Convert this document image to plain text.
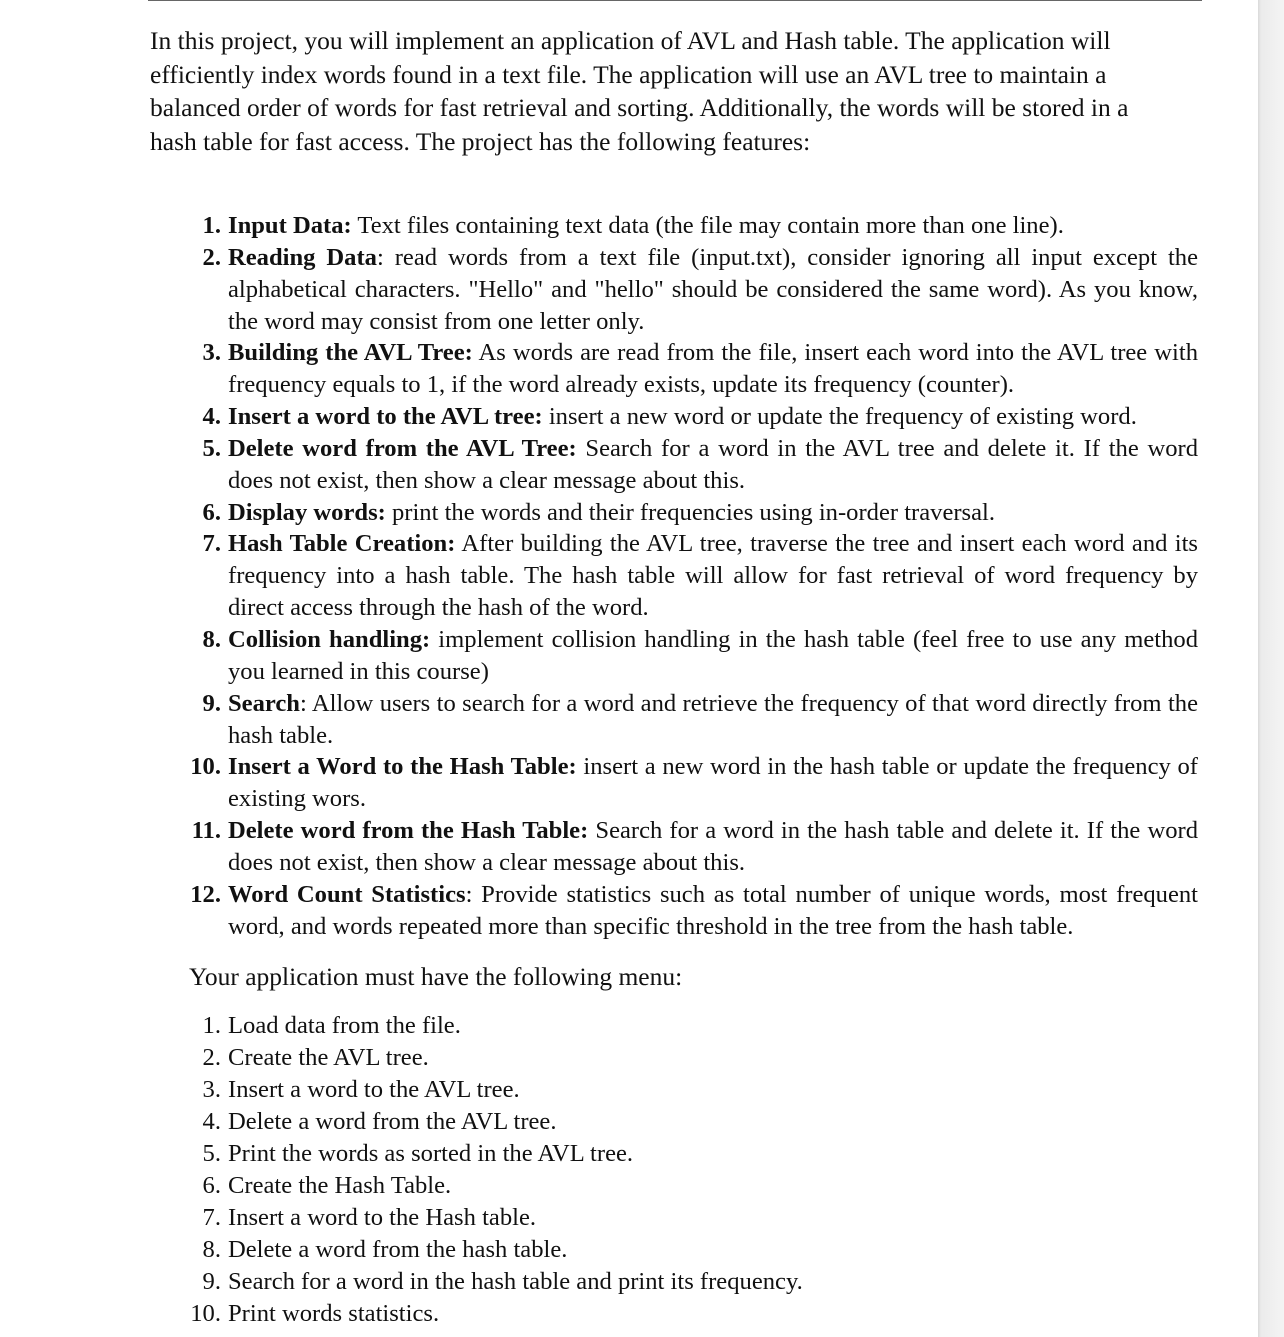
In this project, you will implement an application of AVL and Hash table. The application will efficiently index words found in a text file. The application will use an AVL tree to maintain a balanced order of words for fast retrieval and sorting. Additionally, the words will be stored in a hash table for fast access. The project has the following features:

1. Input Data: Text files containing text data (the file may contain more than one line).
2. Reading Data: read words from a text file (input.txt), consider ignoring all input except the alphabetical characters. "Hello" and "hello" should be considered the same word). As you know, the word may consist from one letter only.
3. Building the AVL Tree: As words are read from the file, insert each word into the AVL tree with frequency equals to 1, if the word already exists, update its frequency (counter).
4. Insert a word to the AVL tree: insert a new word or update the frequency of existing word.
5. Delete word from the AVL Tree: Search for a word in the AVL tree and delete it. If the word does not exist, then show a clear message about this.
6. Display words: print the words and their frequencies using in-order traversal.
7. Hash Table Creation: After building the AVL tree, traverse the tree and insert each word and its frequency into a hash table. The hash table will allow for fast retrieval of word frequency by direct access through the hash of the word.
8. Collision handling: implement collision handling in the hash table (feel free to use any method you learned in this course)
9. Search: Allow users to search for a word and retrieve the frequency of that word directly from the hash table.
10. Insert a Word to the Hash Table: insert a new word in the hash table or update the frequency of existing wors.
11. Delete word from the Hash Table: Search for a word in the hash table and delete it. If the word does not exist, then show a clear message about this.
12. Word Count Statistics: Provide statistics such as total number of unique words, most frequent word, and words repeated more than specific threshold in the tree from the hash table.

Your application must have the following menu:

1. Load data from the file.
2. Create the AVL tree.
3. Insert a word to the AVL tree.
4. Delete a word from the AVL tree.
5. Print the words as sorted in the AVL tree.
6. Create the Hash Table.
7. Insert a word to the Hash table.
8. Delete a word from the hash table.
9. Search for a word in the hash table and print its frequency.
10. Print words statistics.
